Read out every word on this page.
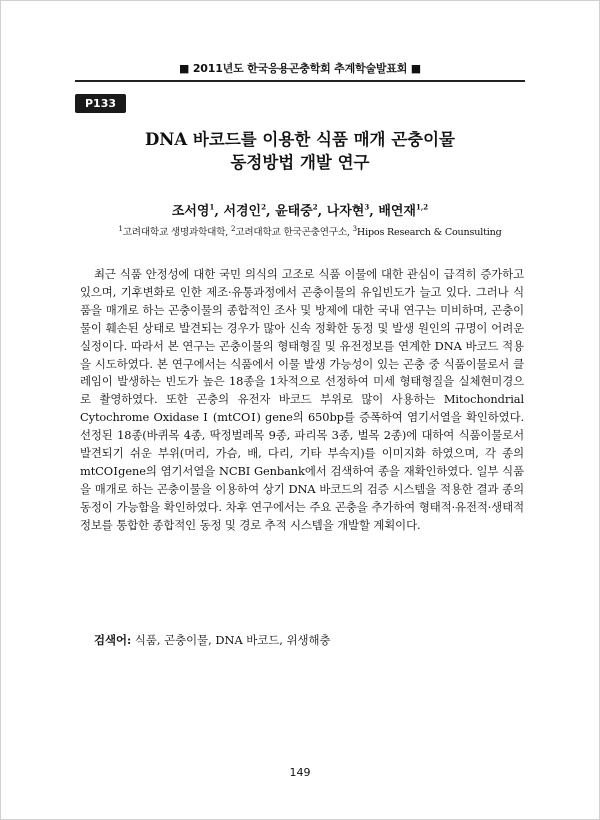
■ 2011년도 한국응용곤충학회 추계학술발표회 ■
P133
DNA 바코드를 이용한 식품 매개 곤충이물
동정방법 개발 연구
조서영$^1$, 서경인$^2$, 윤태중$^2$, 나자현$^3$, 배연재$^{1,2}$
$^1$고려대학교 생명과학대학, $^2$고려대학교 한국곤충연구소, $^3$Hipos Research & Counsulting

최근 식품 안정성에 대한 국민 의식의 고조로 식품 이물에 대한 관심이 급격히 증가하고 있으며, 기후변화로 인한 제조·유통과정에서 곤충이물의 유입빈도가 늘고 있다. 그러나 식품을 매개로 하는 곤충이물의 종합적인 조사 및 방제에 대한 국내 연구는 미비하며, 곤충이물이 훼손된 상태로 발견되는 경우가 많아 신속 정확한 동정 및 발생 원인의 규명이 어려운 실정이다. 따라서 본 연구는 곤충이물의 형태형질 및 유전정보를 연계한 DNA 바코드 적용을 시도하였다. 본 연구에서는 식품에서 이물 발생 가능성이 있는 곤충 중 식품이물로서 클레임이 발생하는 빈도가 높은 18종을 1차적으로 선정하여 미세 형태형질을 실체현미경으로 촬영하였다. 또한 곤충의 유전자 바코드 부위로 많이 사용하는 Mitochondrial Cytochrome Oxidase Ⅰ (mtCOⅠ) gene의 650bp를 증폭하여 염기서열을 확인하였다. 선정된 18종(바퀴목 4종, 딱정벌레목 9종, 파리목 3종, 벌목 2종)에 대하여 식품이물로서 발견되기 쉬운 부위(머리, 가슴, 배, 다리, 기타 부속지)를 이미지화 하였으며, 각 종의 mtCOⅠgene의 염기서열을 NCBI Genbank에서 검색하여 종을 재확인하였다. 일부 식품을 매개로 하는 곤충이물을 이용하여 상기 DNA 바코드의 검증 시스템을 적용한 결과 종의 동정이 가능함을 확인하였다. 차후 연구에서는 주요 곤충을 추가하여 형태적·유전적·생태적 정보를 통합한 종합적인 동정 및 경로 추적 시스템을 개발할 계획이다.

검색어: 식품, 곤충이물, DNA 바코드, 위생해충
149
